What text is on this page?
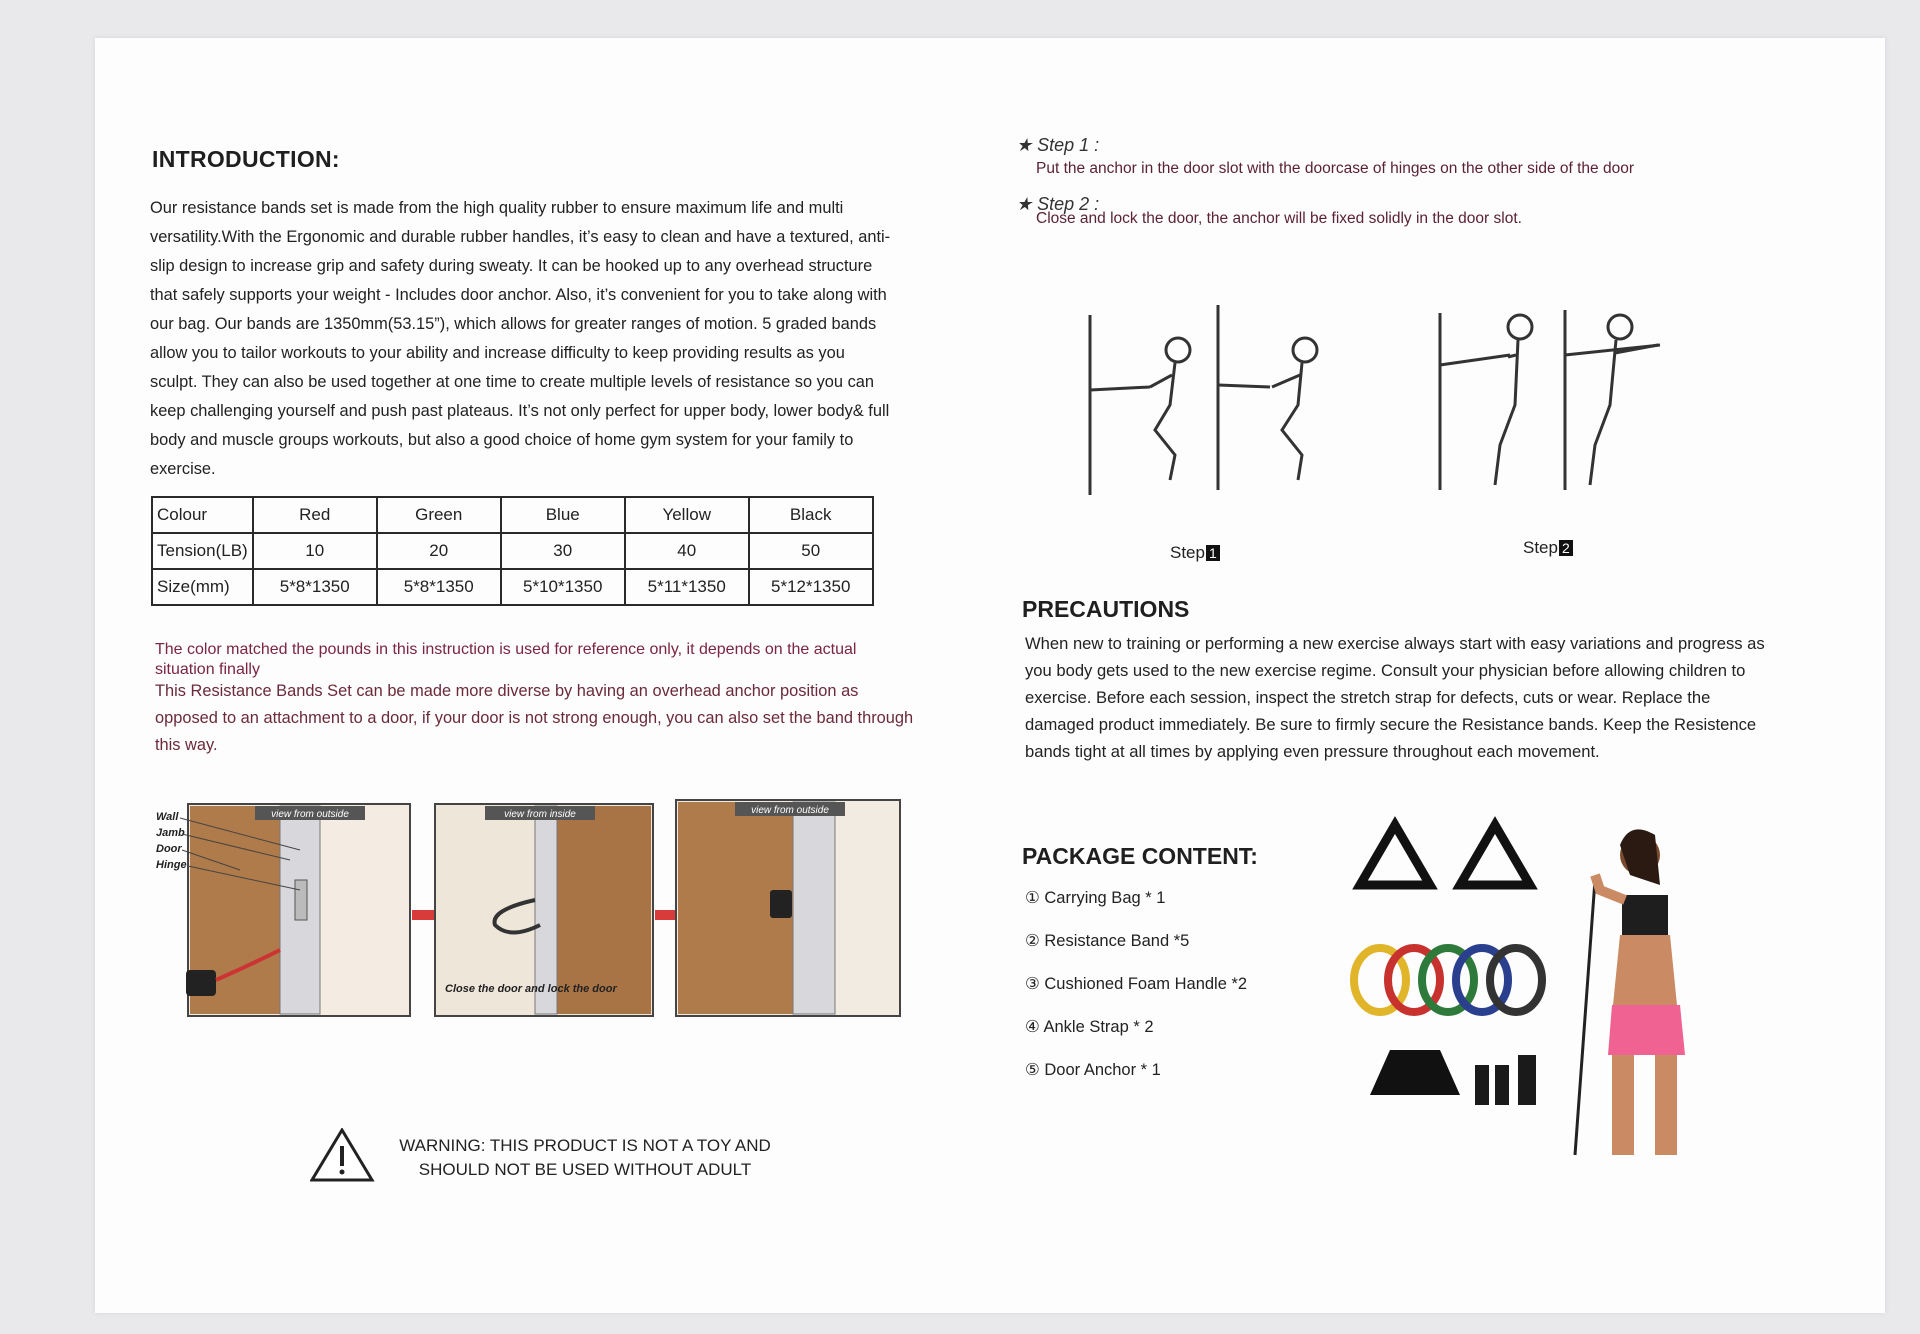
INTRODUCTION:
Our resistance bands set is made from the high quality rubber to ensure maximum life and multi versatility.With the Ergonomic and durable rubber handles, it’s easy to clean and have a textured, anti-slip design to increase grip and safety during sweaty. It can be hooked up to any overhead structure that safely supports your weight - Includes door anchor. Also, it’s convenient for you to take along with our bag. Our bands are 1350mm(53.15”), which allows for greater ranges of motion. 5 graded bands allow you to tailor workouts to your ability and increase difficulty to keep providing results as you sculpt. They can also be used together at one time to create multiple levels of resistance so you can keep challenging yourself and push past plateaus. It’s not only perfect for upper body, lower body& full body and muscle groups workouts, but also a good choice of home gym system for your family to exercise.
Colour	Red	Green	Blue	Yellow	Black
Tension(LB)	10	20	30	40	50
Size(mm)	5*8*1350	5*8*1350	5*10*1350	5*11*1350	5*12*1350
The color matched the pounds in this instruction is used for reference only, it depends on the actual situation finally
This Resistance Bands Set can be made more diverse by having an overhead anchor position as opposed to an attachment to a door, if your door is not strong enough, you can also set the band through this way.
view from outside
Wall
Jamb
Door
Hinge
view from inside
Close the door and lock the door
view from outside
WARNING: THIS PRODUCT IS NOT A TOY AND
SHOULD NOT BE USED WITHOUT ADULT
★ Step 1 :
Put the anchor in the door slot with the doorcase of hinges on the other side of the door
★ Step 2 :
Close and lock the door, the anchor will be fixed solidly in the door slot.
Step 1	Step 2
PRECAUTIONS
When new to training or performing a new exercise always start with easy variations and progress as you body gets used to the new exercise regime. Consult your physician before allowing children to exercise. Before each session, inspect the stretch strap for defects, cuts or wear. Replace the damaged product immediately. Be sure to firmly secure the Resistance bands. Keep the Resistence bands tight at all times by applying even pressure throughout each movement.
PACKAGE CONTENT:
① Carrying Bag * 1
② Resistance Band *5
③ Cushioned Foam Handle *2
④ Ankle Strap * 2
⑤ Door Anchor * 1
